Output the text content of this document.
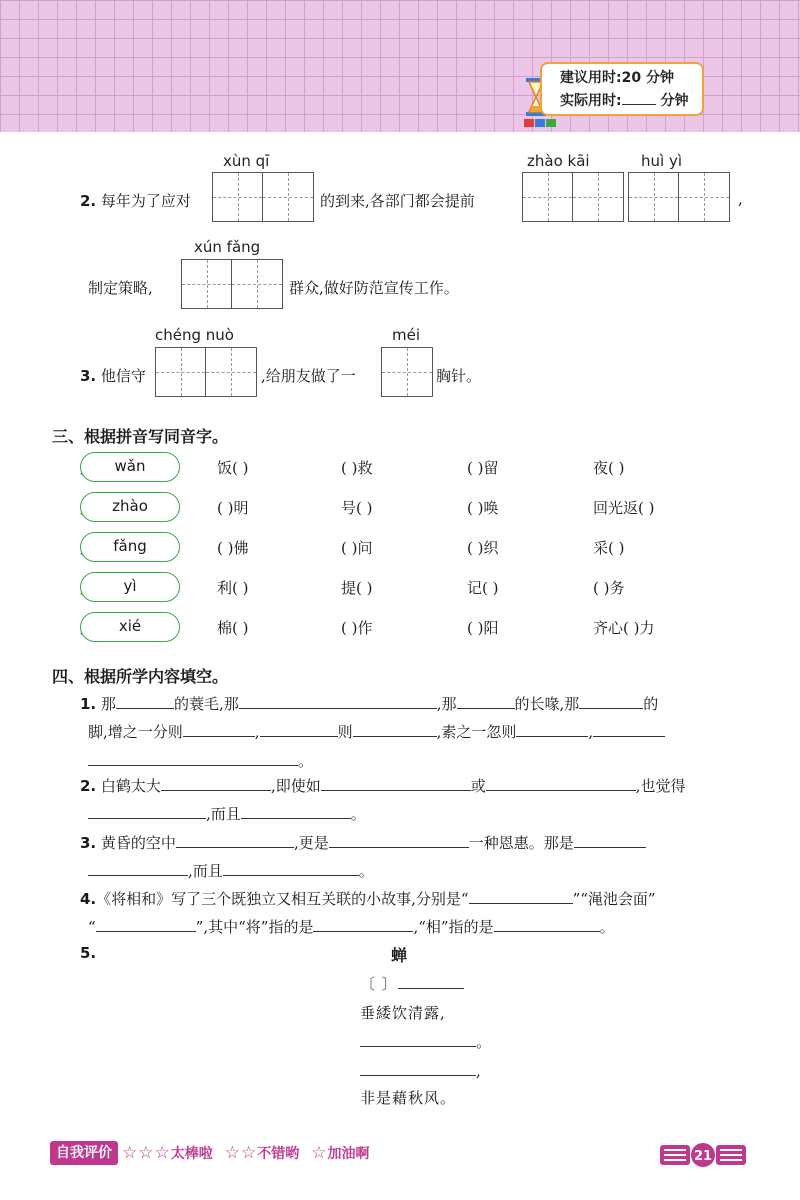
建议用时:20 分钟
实际用时:	分钟
xùn qī
2. 每年为了应对	的到来,各部门都会提前
zhào kāi	huì yì
,
xún fǎng
制定策略,	群众,做好防范宣传工作。
chéng nuò
3. 他信守	,给朋友做了一
méi
胸针。
三、根据拼音写同音字。
wǎn	饭( )	( )救	( )留	夜( )
zhào	( )明	号( )	( )唤	回光返( )
fǎng	( )佛	( )问	( )织	采( )
yì	利( )	提( )	记( )	( )务
xié	棉( )	( )作	( )阳	齐心( )力
四、根据所学内容填空。
1. 那	的蓑毛,那	,那	的长喙,那	的
脚,增之一分则	,	则	,素之一忽则	,
。
2. 白鹤太大	,即使如	或	,也觉得
,而且	。
3. 黄昏的空中	,更是	一种恩惠。那是
,而且	。
4.《将相和》写了三个既独立又相互关联的小故事,分别是“	”“渑池会面”
“	”,其中“将”指的是	,“相”指的是	。
5.	蝉
〔 〕
垂緌饮清露,
。
,
非是藉秋风。
自我评价 ☆ ☆ ☆ 太棒啦 ☆ ☆ 不错哟 ☆ 加油啊	21
